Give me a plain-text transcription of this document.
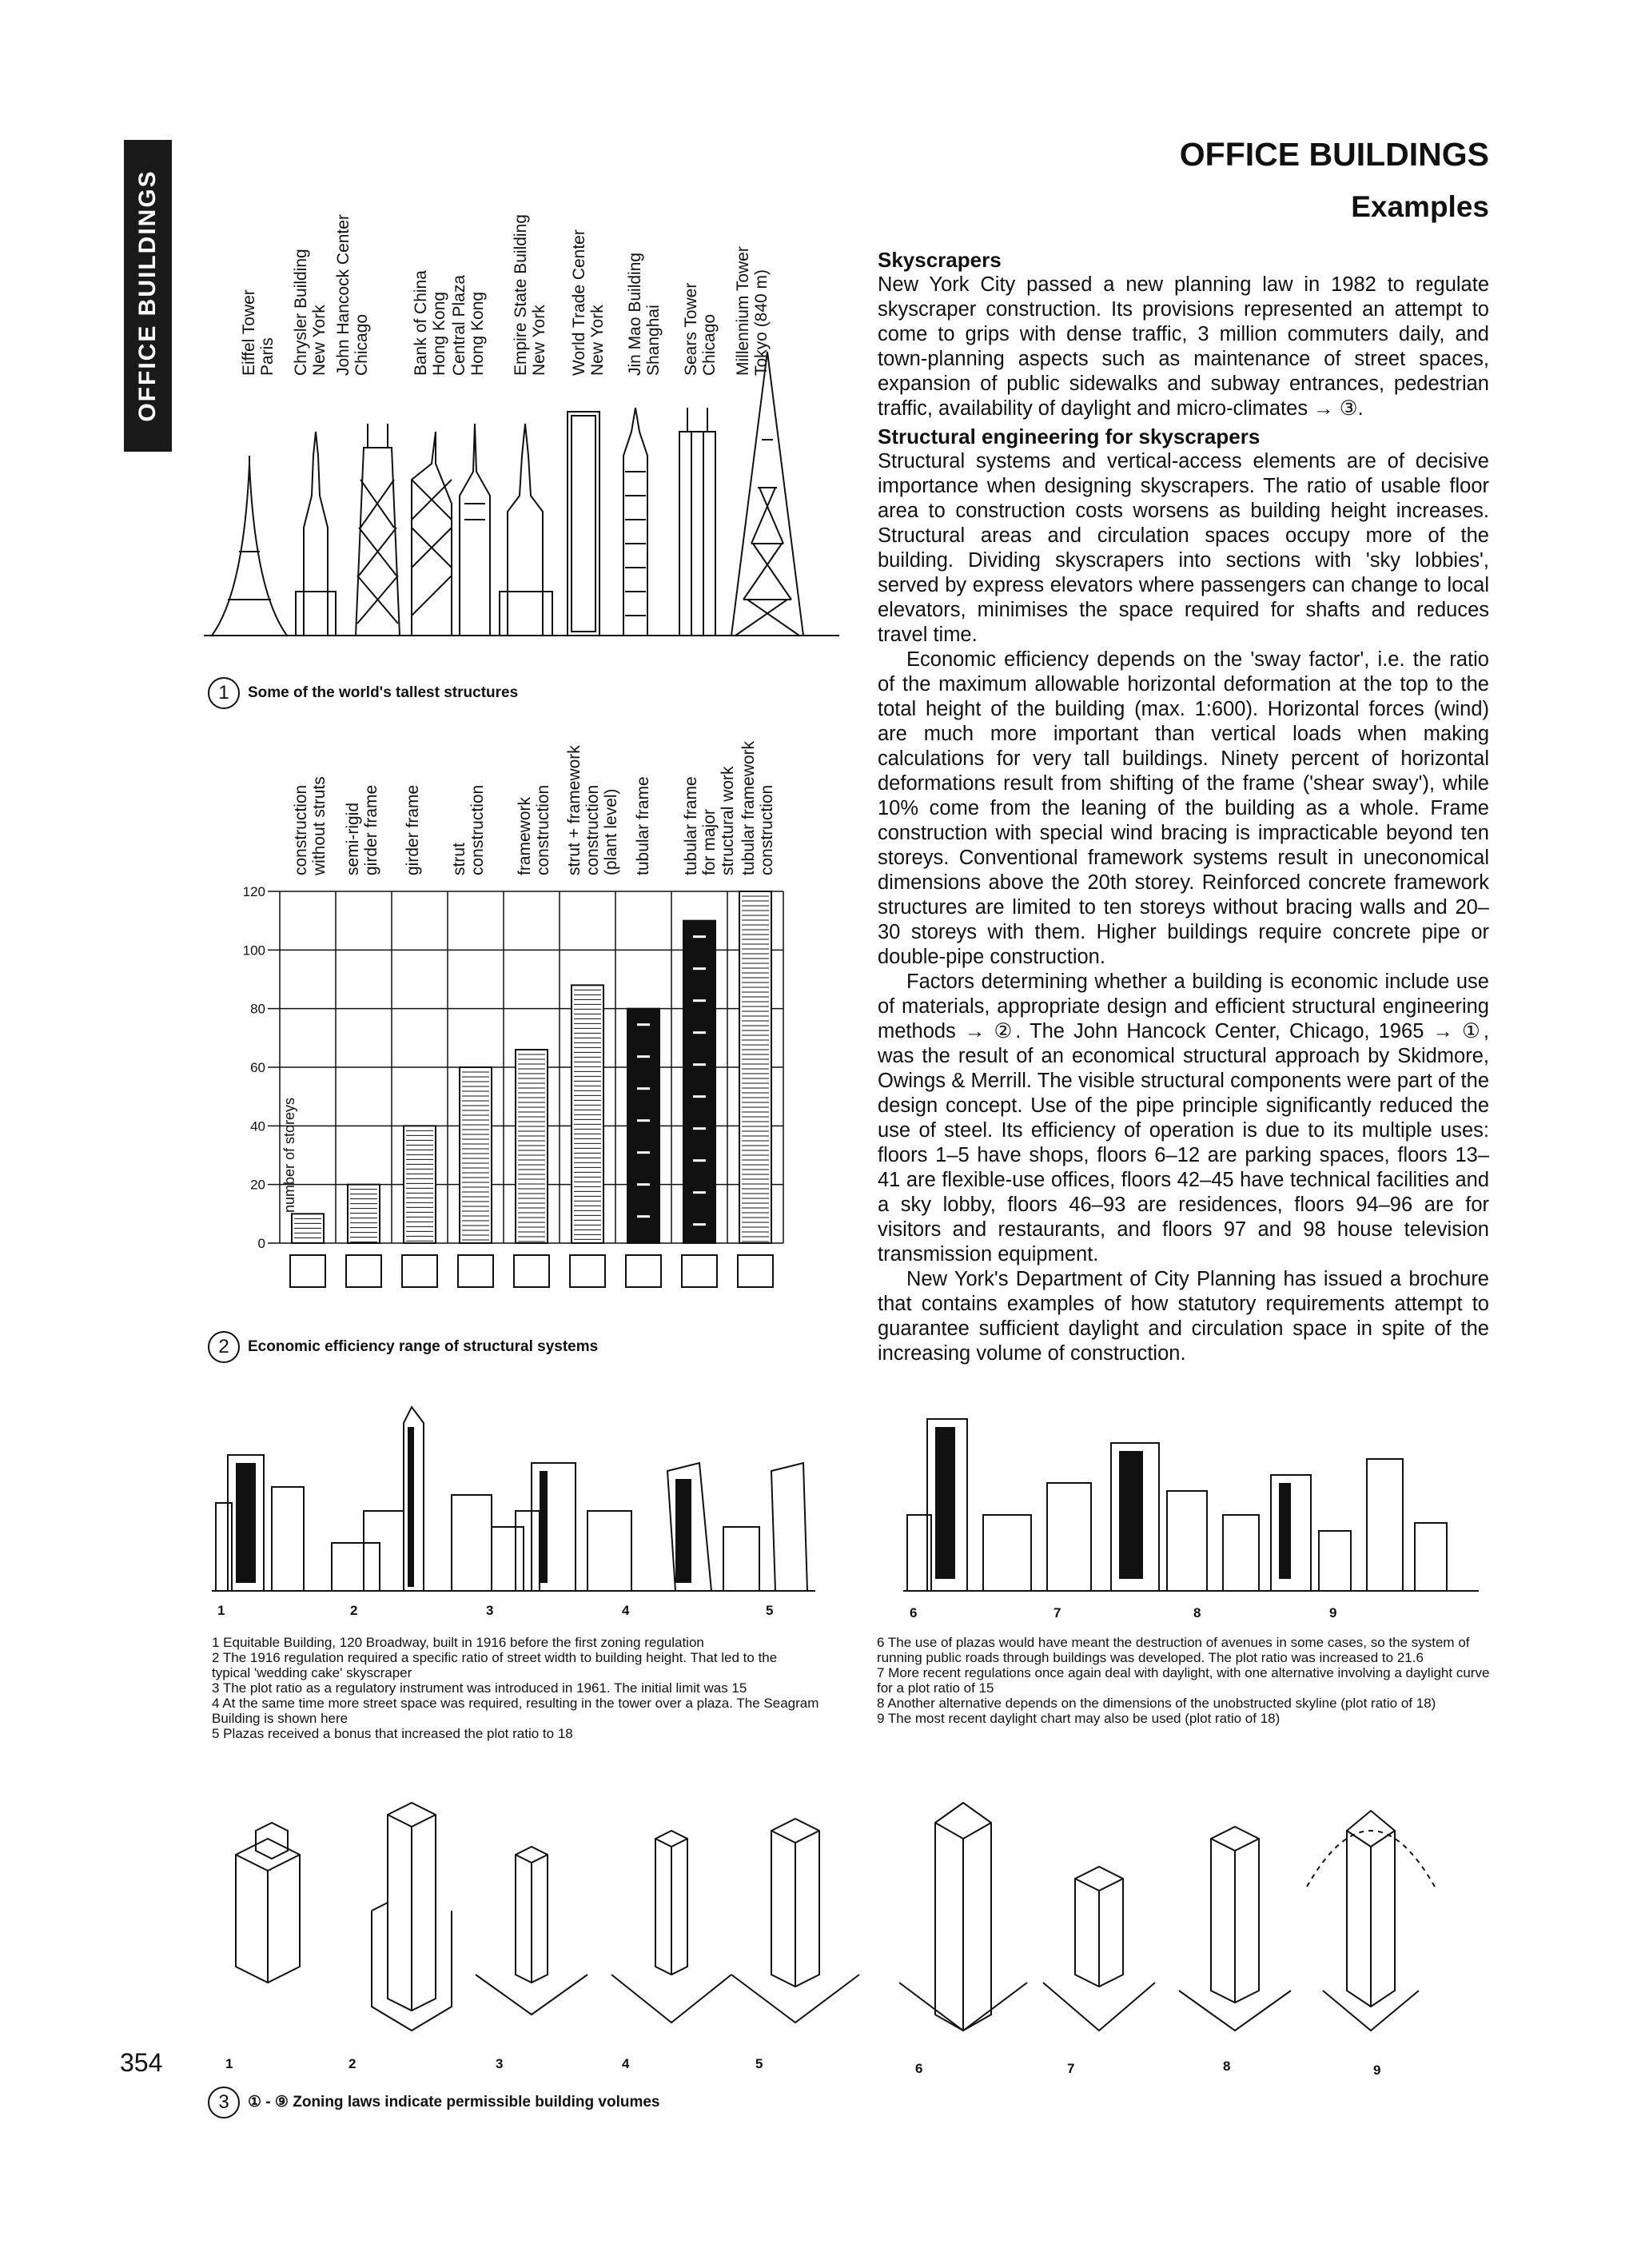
OFFICE BUILDINGS
OFFICE BUILDINGS
Examples
Eiffel Tower Paris Chrysler Building New York John Hancock Center Chicago Bank of China Hong Kong Central Plaza Hong Kong Empire State Building New York World Trade Center New York Jin Mao Building Shanghai Sears Tower Chicago Millennium Tower Tokyo (840 m)
1 Some of the world's tallest structures
construction without struts semi-rigid girder frame girder frame strut construction framework construction strut + framework construction (plant level) tubular frame tubular frame for major structural work tubular framework construction
0
20
40
60
80
100
120
number of storeys
2 Economic efficiency range of structural systems
Skyscrapers

New York City passed a new planning law in 1982 to regulate skyscraper construction. Its provisions represented an attempt to come to grips with dense traffic, 3 million commuters daily, and town-planning aspects such as maintenance of street spaces, expansion of public sidewalks and subway entrances, pedestrian traffic, availability of daylight and micro-climates → ③.

Structural engineering for skyscrapers

Structural systems and vertical-access elements are of decisive importance when designing skyscrapers. The ratio of usable floor area to construction costs worsens as building height increases. Structural areas and circulation spaces occupy more of the building. Dividing skyscrapers into sections with 'sky lobbies', served by express elevators where passengers can change to local elevators, minimises the space required for shafts and reduces travel time.

Economic efficiency depends on the 'sway factor', i.e. the ratio of the maximum allowable horizontal deformation at the top to the total height of the building (max. 1:600). Horizontal forces (wind) are much more important than vertical loads when making calculations for very tall buildings. Ninety percent of horizontal deformations result from shifting of the frame ('shear sway'), while 10% come from the leaning of the building as a whole. Frame construction with special wind bracing is impracticable beyond ten storeys. Conventional framework systems result in uneconomical dimensions above the 20th storey. Reinforced concrete framework structures are limited to ten storeys without bracing walls and 20–30 storeys with them. Higher buildings require concrete pipe or double-pipe construction.

Factors determining whether a building is economic include use of materials, appropriate design and efficient structural engineering methods → ②. The John Hancock Center, Chicago, 1965 → ①, was the result of an economical structural approach by Skidmore, Owings & Merrill. The visible structural components were part of the design concept. Use of the pipe principle significantly reduced the use of steel. Its efficiency of operation is due to its multiple uses: floors 1–5 have shops, floors 6–12 are parking spaces, floors 13–41 are flexible-use offices, floors 42–45 have technical facilities and a sky lobby, floors 46–93 are residences, floors 94–96 are for visitors and restaurants, and floors 97 and 98 house television transmission equipment.

New York's Department of City Planning has issued a brochure that contains examples of how statutory requirements attempt to guarantee sufficient daylight and circulation space in spite of the increasing volume of construction.

1	2	3	4	5	6	7	8	9
1 Equitable Building, 120 Broadway, built in 1916 before the first zoning regulation
2 The 1916 regulation required a specific ratio of street width to building height. That led to the typical 'wedding cake' skyscraper
3 The plot ratio as a regulatory instrument was introduced in 1961. The initial limit was 15
4 At the same time more street space was required, resulting in the tower over a plaza. The Seagram Building is shown here
5 Plazas received a bonus that increased the plot ratio to 18
6 The use of plazas would have meant the destruction of avenues in some cases, so the system of running public roads through buildings was developed. The plot ratio was increased to 21.6
7 More recent regulations once again deal with daylight, with one alternative involving a daylight curve for a plot ratio of 15
8 Another alternative depends on the dimensions of the unobstructed skyline (plot ratio of 18)
9 The most recent daylight chart may also be used (plot ratio of 18)
1	2	3	4	5	6	7	8	9
3 ① - ⑨ Zoning laws indicate permissible building volumes
354
